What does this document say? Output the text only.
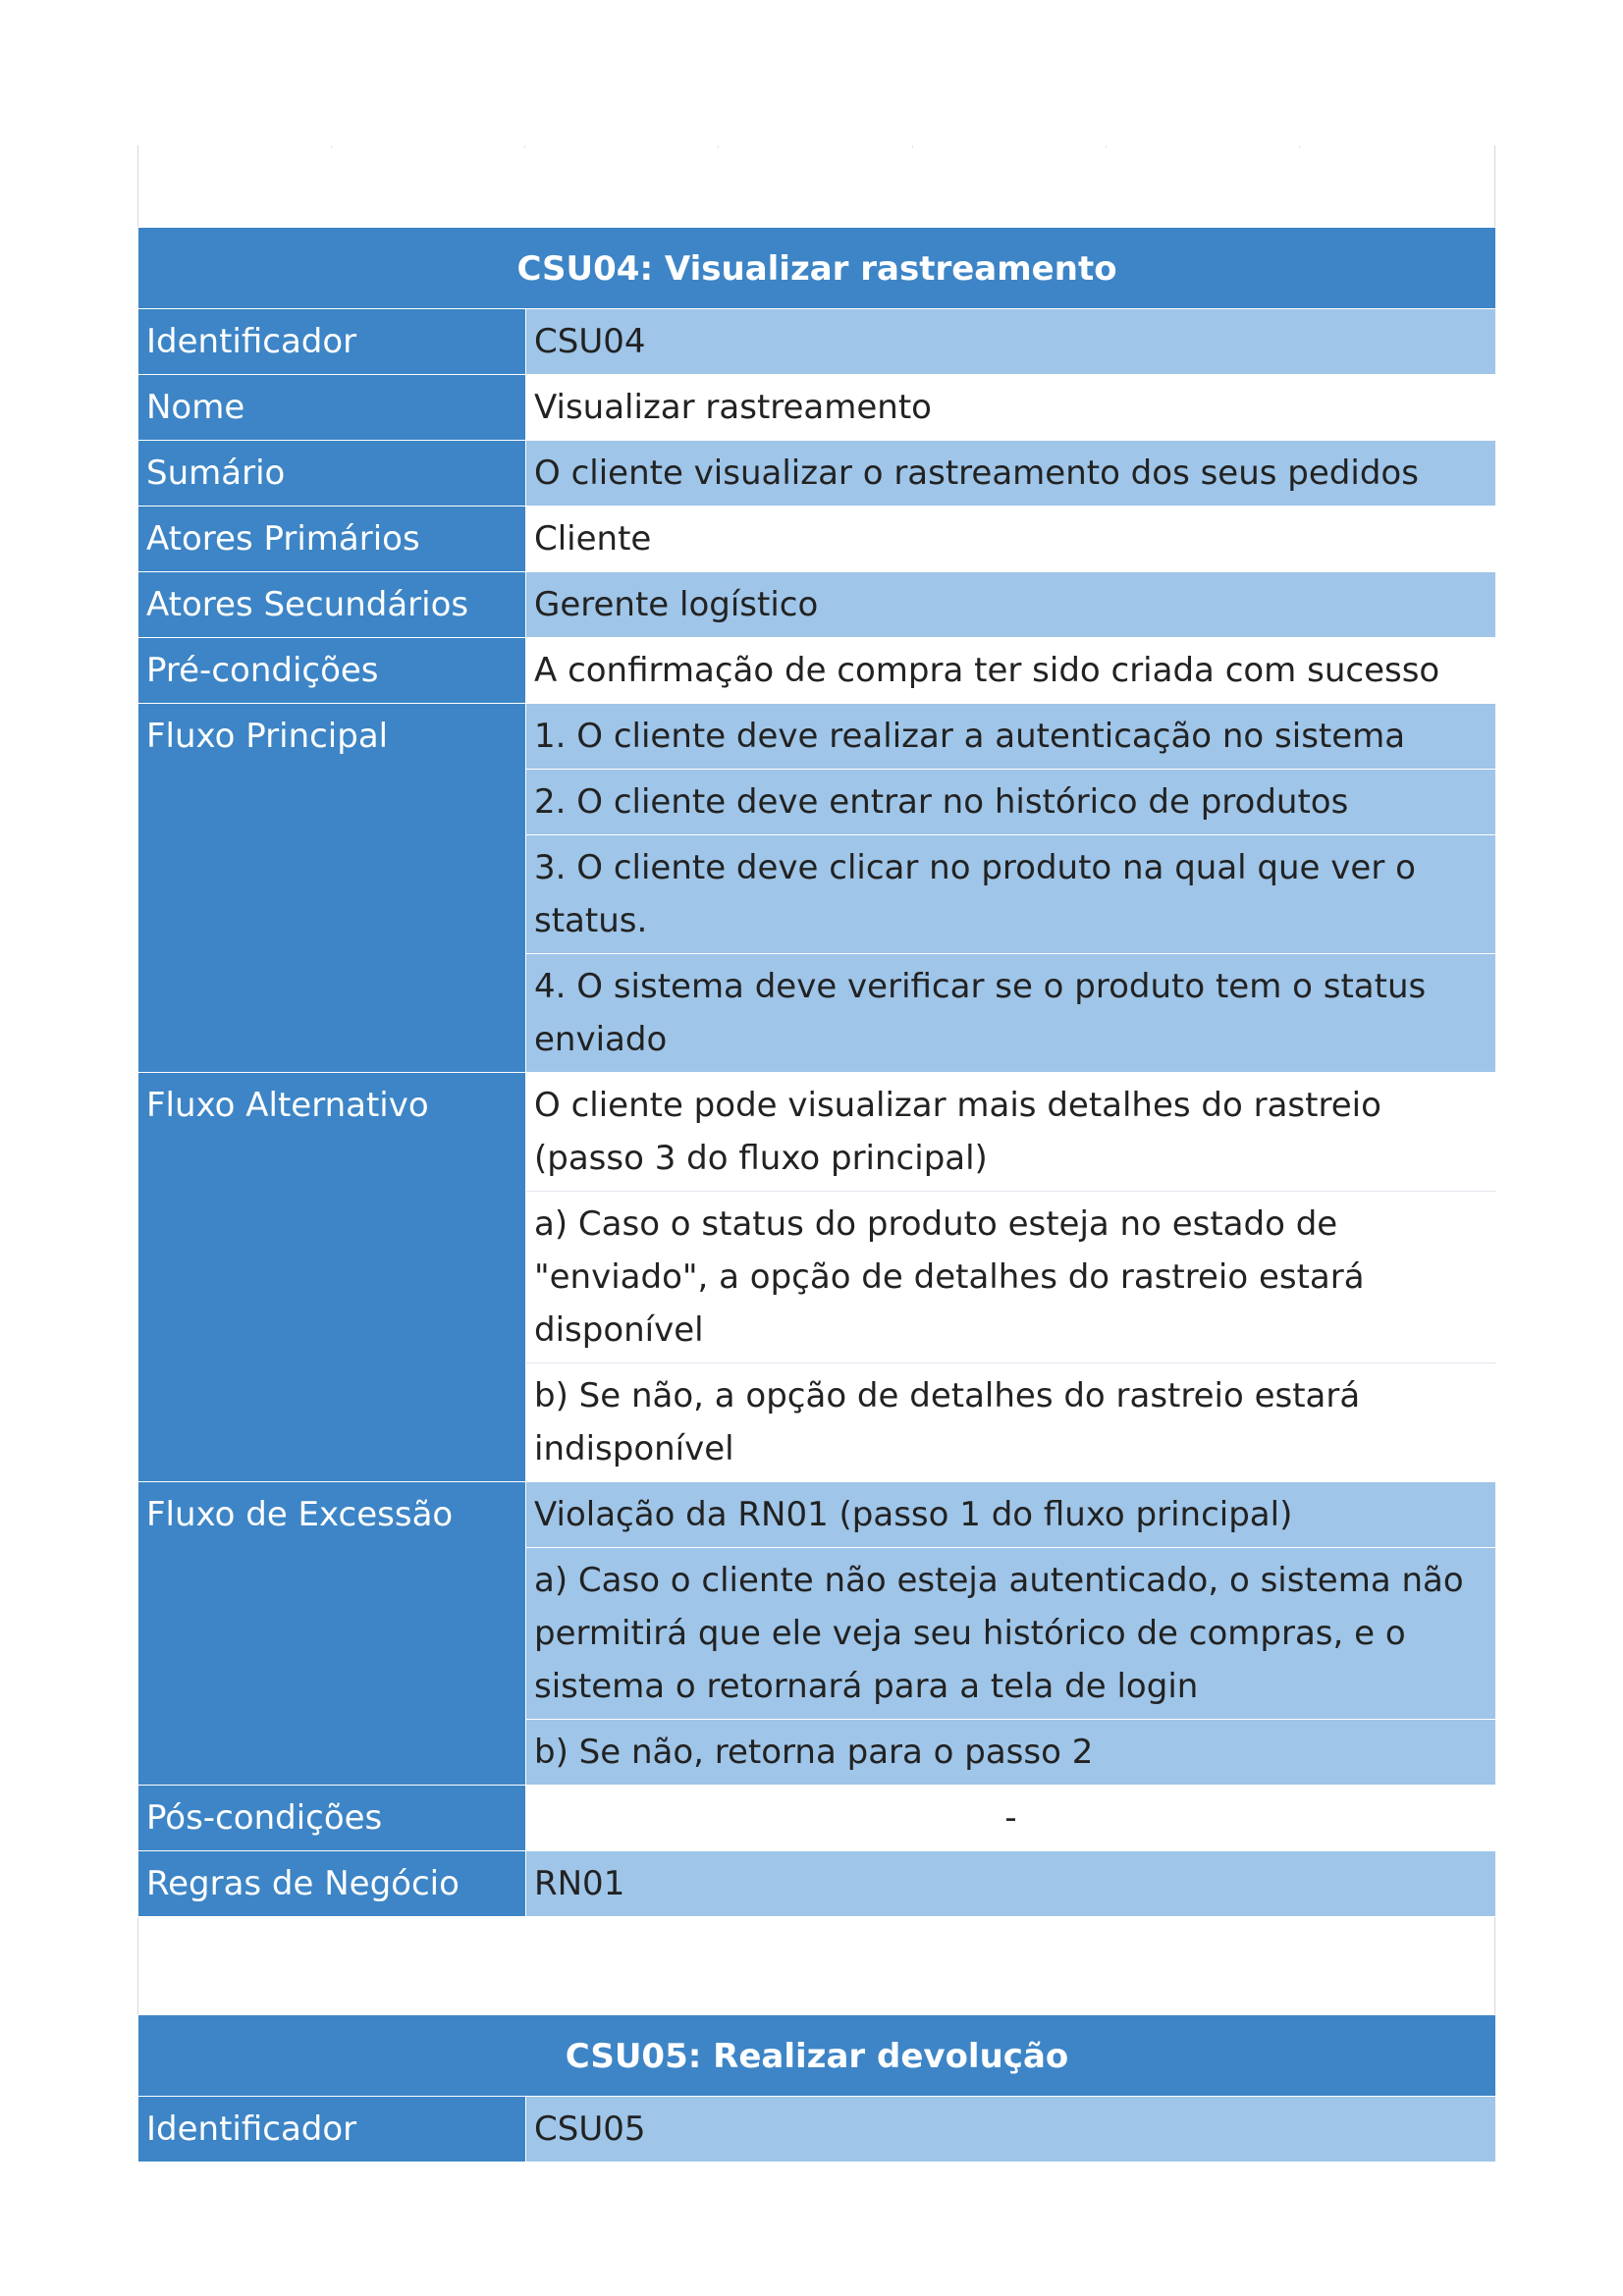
CSU04: Visualizar rastreamento	
Identificador	CSU04
Nome	Visualizar rastreamento
Sumário	O cliente visualizar o rastreamento dos seus pedidos
Atores Primários	Cliente
Atores Secundários	Gerente logístico
Pré-condições	A confirmação de compra ter sido criada com sucesso
Fluxo Principal	1. O cliente deve realizar a autenticação no sistema
	2. O cliente deve entrar no histórico de produtos
	3. O cliente deve clicar no produto na qual que ver o status.
	4. O sistema deve verificar se o produto tem o status enviado
Fluxo Alternativo	O cliente pode visualizar mais detalhes do rastreio (passo 3 do fluxo principal)
	a) Caso o status do produto esteja no estado de "enviado", a opção de detalhes do rastreio estará disponível
	b) Se não, a opção de detalhes do rastreio estará indisponível
Fluxo de Excessão	Violação da RN01 (passo 1 do fluxo principal)
	a) Caso o cliente não esteja autenticado, o sistema não permitirá que ele veja seu histórico de compras, e o sistema o retornará para a tela de login
	b) Se não, retorna para o passo 2
Pós-condições	-
Regras de Negócio	RN01
CSU05: Realizar devolução
Identificador	CSU05
